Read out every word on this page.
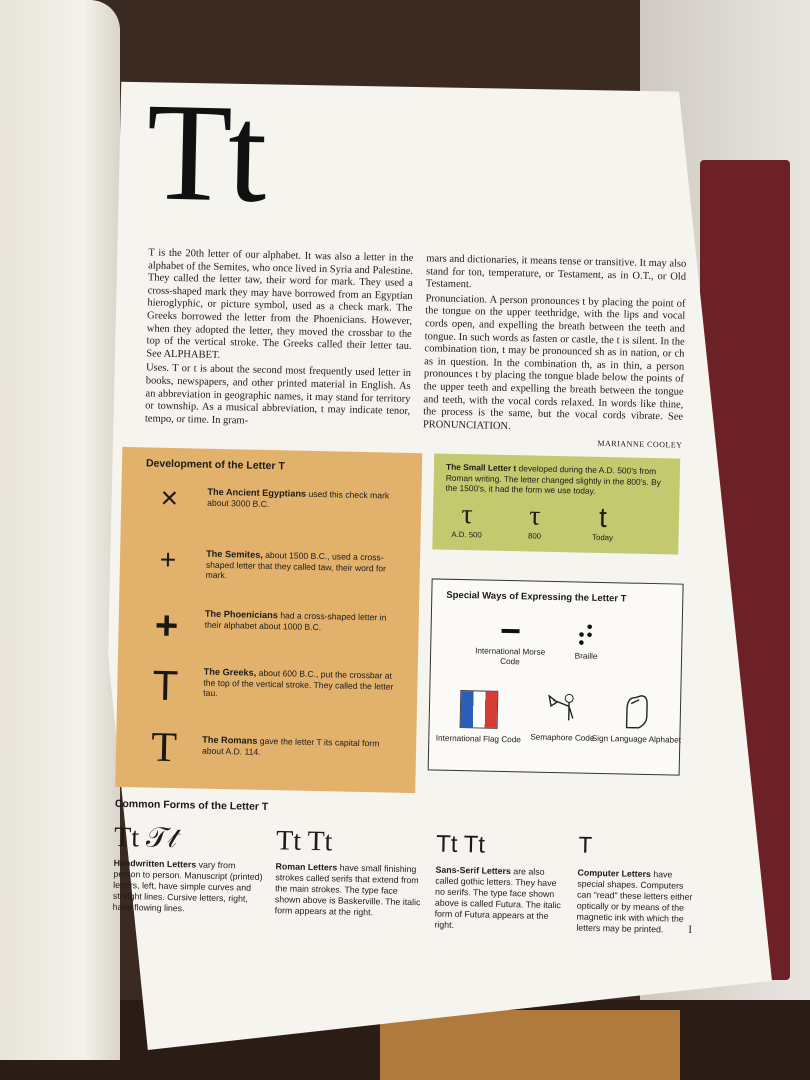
Tt

T is the 20th letter of our alphabet. It was also a letter in the alphabet of the Semites, who once lived in Syria and Palestine. They called the letter taw, their word for mark. They used a cross-shaped mark they may have borrowed from an Egyptian hieroglyphic, or picture symbol, used as a check mark. The Greeks borrowed the letter from the Phoenicians. However, when they adopted the letter, they moved the crossbar to the top of the vertical stroke. The Greeks called their letter tau. See ALPHABET.

Uses. T or t is about the second most frequently used letter in books, newspapers, and other printed material in English. As an abbreviation in geographic names, it may stand for territory or township. As a musical abbreviation, t may indicate tenor, tempo, or time. In gram-

mars and dictionaries, it means tense or transitive. It may also stand for ton, temperature, or Testament, as in O.T., or Old Testament.

Pronunciation. A person pronounces t by placing the point of the tongue on the upper teethridge, with the lips and vocal cords open, and expelling the breath between the teeth and tongue. In such words as fasten or castle, the t is silent. In the combination tion, t may be pronounced sh as in nation, or ch as in question. In the combination th, as in thin, a person pronounces t by placing the tongue blade below the points of the upper teeth and expelling the breath between the tongue and teeth, with the vocal cords relaxed. In words like thine, the process is the same, but the vocal cords vibrate. See PRONUNCIATION.

MARIANNE COOLEY
Development of the Letter T
×	The Ancient Egyptians used this check mark about 3000 B.C.
+	The Semites, about 1500 B.C., used a cross-shaped letter that they called taw, their word for mark.
+	The Phoenicians had a cross-shaped letter in their alphabet about 1000 B.C.
T	The Greeks, about 600 B.C., put the crossbar at the top of the vertical stroke. They called the letter tau.
T	The Romans gave the letter T its capital form about A.D. 114.
The Small Letter t developed during the A.D. 500's from Roman writing. The letter changed slightly in the 800's. By the 1500's, it had the form we use today.
τ
A.D. 500
τ
800
t
Today
Special Ways of Expressing the Letter T
International Morse Code
Braille
International Flag Code	Semaphore Code
Sign Language Alphabet
Common Forms of the Letter T
Tt 𝒯𝓉
Handwritten Letters vary from person to person. Manuscript (printed) letters, left, have simple curves and straight lines. Cursive letters, right, have flowing lines.
Tt Tt
Roman Letters have small finishing strokes called serifs that extend from the main strokes. The type face shown above is Baskerville. The italic form appears at the right.
Tt Tt
Sans-Serif Letters are also called gothic letters. They have no serifs. The type face shown above is called Futura. The italic form of Futura appears at the right.
T
Computer Letters have special shapes. Computers can "read" these letters either optically or by means of the magnetic ink with which the letters may be printed.	I
